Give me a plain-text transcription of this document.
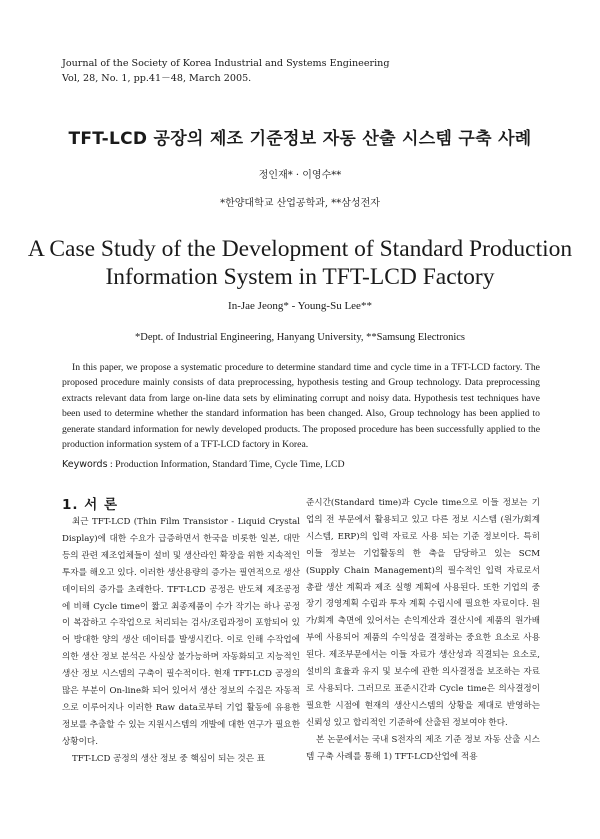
Journal of the Society of Korea Industrial and Systems Engineering
Vol, 28, No. 1, pp.41－48, March 2005.
TFT-LCD 공장의 제조 기준정보 자동 산출 시스템 구축 사례
정인재* · 이영수**
*한양대학교 산업공학과, **삼성전자
A Case Study of the Development of Standard Production
Information System in TFT-LCD Factory
In-Jae Jeong* - Young-Su Lee**
*Dept. of Industrial Engineering, Hanyang University, **Samsung Electronics

In this paper, we propose a systematic procedure to determine standard time and cycle time in a TFT-LCD factory. The proposed procedure mainly consists of data preprocessing, hypothesis testing and Group technology. Data preprocessing extracts relevant data from large on-line data sets by eliminating corrupt and noisy data. Hypothesis test techniques have been used to determine whether the standard information has been changed. Also, Group technology has been applied to generate standard information for newly developed products. The proposed procedure has been successfully applied to the production information system of a TFT-LCD factory in Korea.

Keywords : Production Information, Standard Time, Cycle Time, LCD
1. 서 론

최근 TFT-LCD (Thin Film Transistor - Liquid Crystal Display)에 대한 수요가 급증하면서 한국을 비롯한 일본, 대만 등의 관련 제조업체들이 설비 및 생산라인 확장을 위한 지속적인 투자를 해오고 있다. 이러한 생산용량의 증가는 필연적으로 생산 데이터의 증가를 초래한다. TFT-LCD 공정은 반도체 제조공정에 비해 Cycle time이 짧고 최종제품이 수가 작기는 하나 공정이 복잡하고 수작업으로 처리되는 검사/조립과정이 포함되어 있어 방대한 양의 생산 데이터를 발생시킨다. 이로 인해 수작업에 의한 생산 정보 분석은 사실상 불가능하며 자동화되고 지능적인 생산 정보 시스템의 구축이 필수적이다. 현재 TFT-LCD 공정의 많은 부분이 On-line화 되어 있어서 생산 정보의 수집은 자동적으로 이루어지나 이러한 Raw data로부터 기업 활동에 유용한 정보를 추출할 수 있는 지원시스템의 개발에 대한 연구가 필요한 상황이다.

TFT-LCD 공정의 생산 정보 중 핵심이 되는 것은 표

준시간(Standard time)과 Cycle time으로 이들 정보는 기업의 전 부문에서 활용되고 있고 다른 정보 시스템 (원가/회계시스템, ERP)의 입력 자료로 사용 되는 기준 정보이다. 특히 이들 정보는 기업활동의 한 축을 담당하고 있는 SCM (Supply Chain Management)의 필수적인 입력 자료로서 총괄 생산 계획과 제조 실행 계획에 사용된다. 또한 기업의 중장기 경영계획 수립과 투자 계획 수립시에 필요한 자료이다. 원가/회계 측면에 있어서는 손익계산과 결산시에 제품의 원가배부에 사용되어 제품의 수익성을 결정하는 중요한 요소로 사용된다. 제조부문에서는 이들 자료가 생산성과 직결되는 요소로, 설비의 효율과 유지 및 보수에 관한 의사결정을 보조하는 자료로 사용되다. 그러므로 표준시간과 Cycle time은 의사결정이 필요한 시점에 현재의 생산시스템의 상황을 제대로 반영하는 신뢰성 있고 합리적인 기준하에 산출된 정보여야 한다.

본 논문에서는 국내 S전자의 제조 기준 정보 자동 산출 시스템 구축 사례를 통해 1) TFT-LCD산업에 적용
